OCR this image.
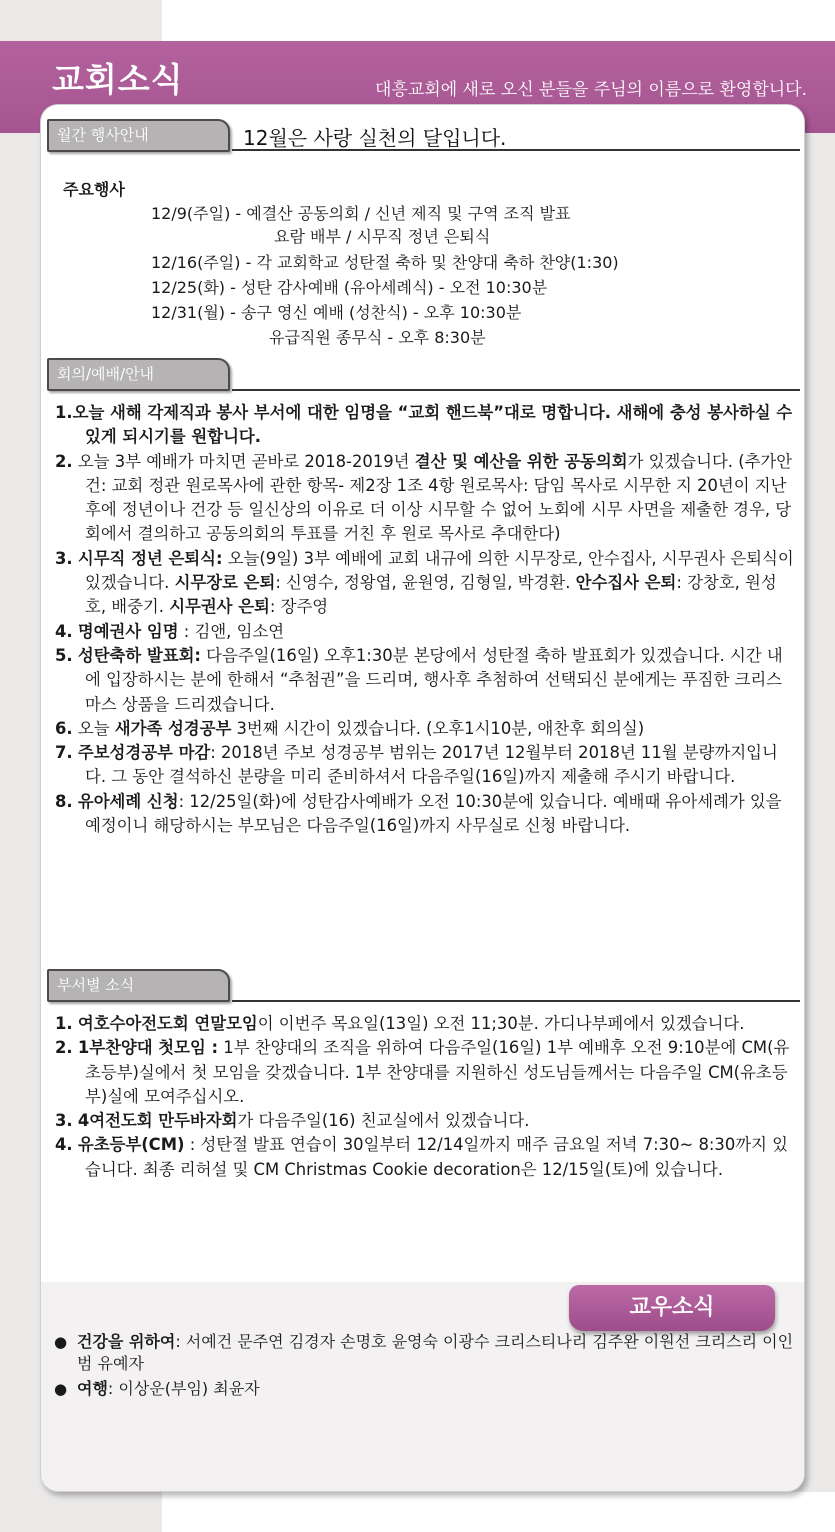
교회소식	대흥교회에 새로 오신 분들을 주님의 이름으로 환영합니다.
월간 행사안내	12월은 사랑 실천의 달입니다.
주요행사
12/9(주일) - 예결산 공동의회 / 신년 제직 및 구역 조직 발표
요람 배부 / 시무직 정년 은퇴식
12/16(주일) - 각 교회학교 성탄절 축하 및 찬양대 축하 찬양(1:30)
12/25(화) - 성탄 감사예배 (유아세례식) - 오전 10:30분
12/31(월) - 송구 영신 예배 (성찬식) - 오후 10:30분
유급직원 종무식 - 오후 8:30분
회의/예배/안내
1.오늘 새해 각제직과 봉사 부서에 대한 임명을 “교회 핸드북”대로 명합니다. 새해에 충성 봉사하실 수 있게 되시기를 원합니다.
2. 오늘 3부 예배가 마치면 곧바로 2018-2019년 결산 및 예산을 위한 공동의회가 있겠습니다. (추가안건: 교회 정관 원로목사에 관한 항목- 제2장 1조 4항 원로목사: 담임 목사로 시무한 지 20년이 지난 후에 정년이나 건강 등 일신상의 이유로 더 이상 시무할 수 없어 노회에 시무 사면을 제출한 경우, 당회에서 결의하고 공동의회의 투표를 거친 후 원로 목사로 추대한다)
3. 시무직 정년 은퇴식: 오늘(9일) 3부 예배에 교회 내규에 의한 시무장로, 안수집사, 시무권사 은퇴식이 있겠습니다. 시무장로 은퇴: 신영수, 정왕엽, 윤원영, 김형일, 박경환. 안수집사 은퇴: 강창호, 원성호, 배중기. 시무권사 은퇴: 장주영
4. 명예권사 임명 : 김앤, 임소연
5. 성탄축하 발표회: 다음주일(16일) 오후1:30분 본당에서 성탄절 축하 발표회가 있겠습니다. 시간 내에 입장하시는 분에 한해서 “추첨권”을 드리며, 행사후 추첨하여 선택되신 분에게는 푸짐한 크리스마스 상품을 드리겠습니다.
6. 오늘 새가족 성경공부 3번째 시간이 있겠습니다. (오후1시10분, 애찬후 회의실)
7. 주보성경공부 마감: 2018년 주보 성경공부 범위는 2017년 12월부터 2018년 11월 분량까지입니다. 그 동안 결석하신 분량을 미리 준비하셔서 다음주일(16일)까지 제출해 주시기 바랍니다.
8. 유아세례 신청: 12/25일(화)에 성탄감사예배가 오전 10:30분에 있습니다. 예배때 유아세례가 있을 예정이니 해당하시는 부모님은 다음주일(16일)까지 사무실로 신청 바랍니다.
부서별 소식
1. 여호수아전도회 연말모임이 이번주 목요일(13일) 오전 11;30분. 가디나부페에서 있겠습니다.
2. 1부찬양대 첫모임 : 1부 찬양대의 조직을 위하여 다음주일(16일) 1부 예배후 오전 9:10분에 CM(유초등부)실에서 첫 모임을 갖겠습니다. 1부 찬양대를 지원하신 성도님들께서는 다음주일 CM(유초등부)실에 모여주십시오.
3. 4여전도회 만두바자회가 다음주일(16) 친교실에서 있겠습니다.
4. 유초등부(CM) : 성탄절 발표 연습이 30일부터 12/14일까지 매주 금요일 저녁 7:30~ 8:30까지 있습니다. 최종 리허설 및 CM Christmas Cookie decoration은 12/15일(토)에 있습니다.
교우소식
● 건강을 위하여: 서예건 문주연 김경자 손명호 윤영숙 이광수 크리스티나리 김주완 이원선 크리스리 이인범 유예자
● 여행: 이상운(부임) 최윤자
